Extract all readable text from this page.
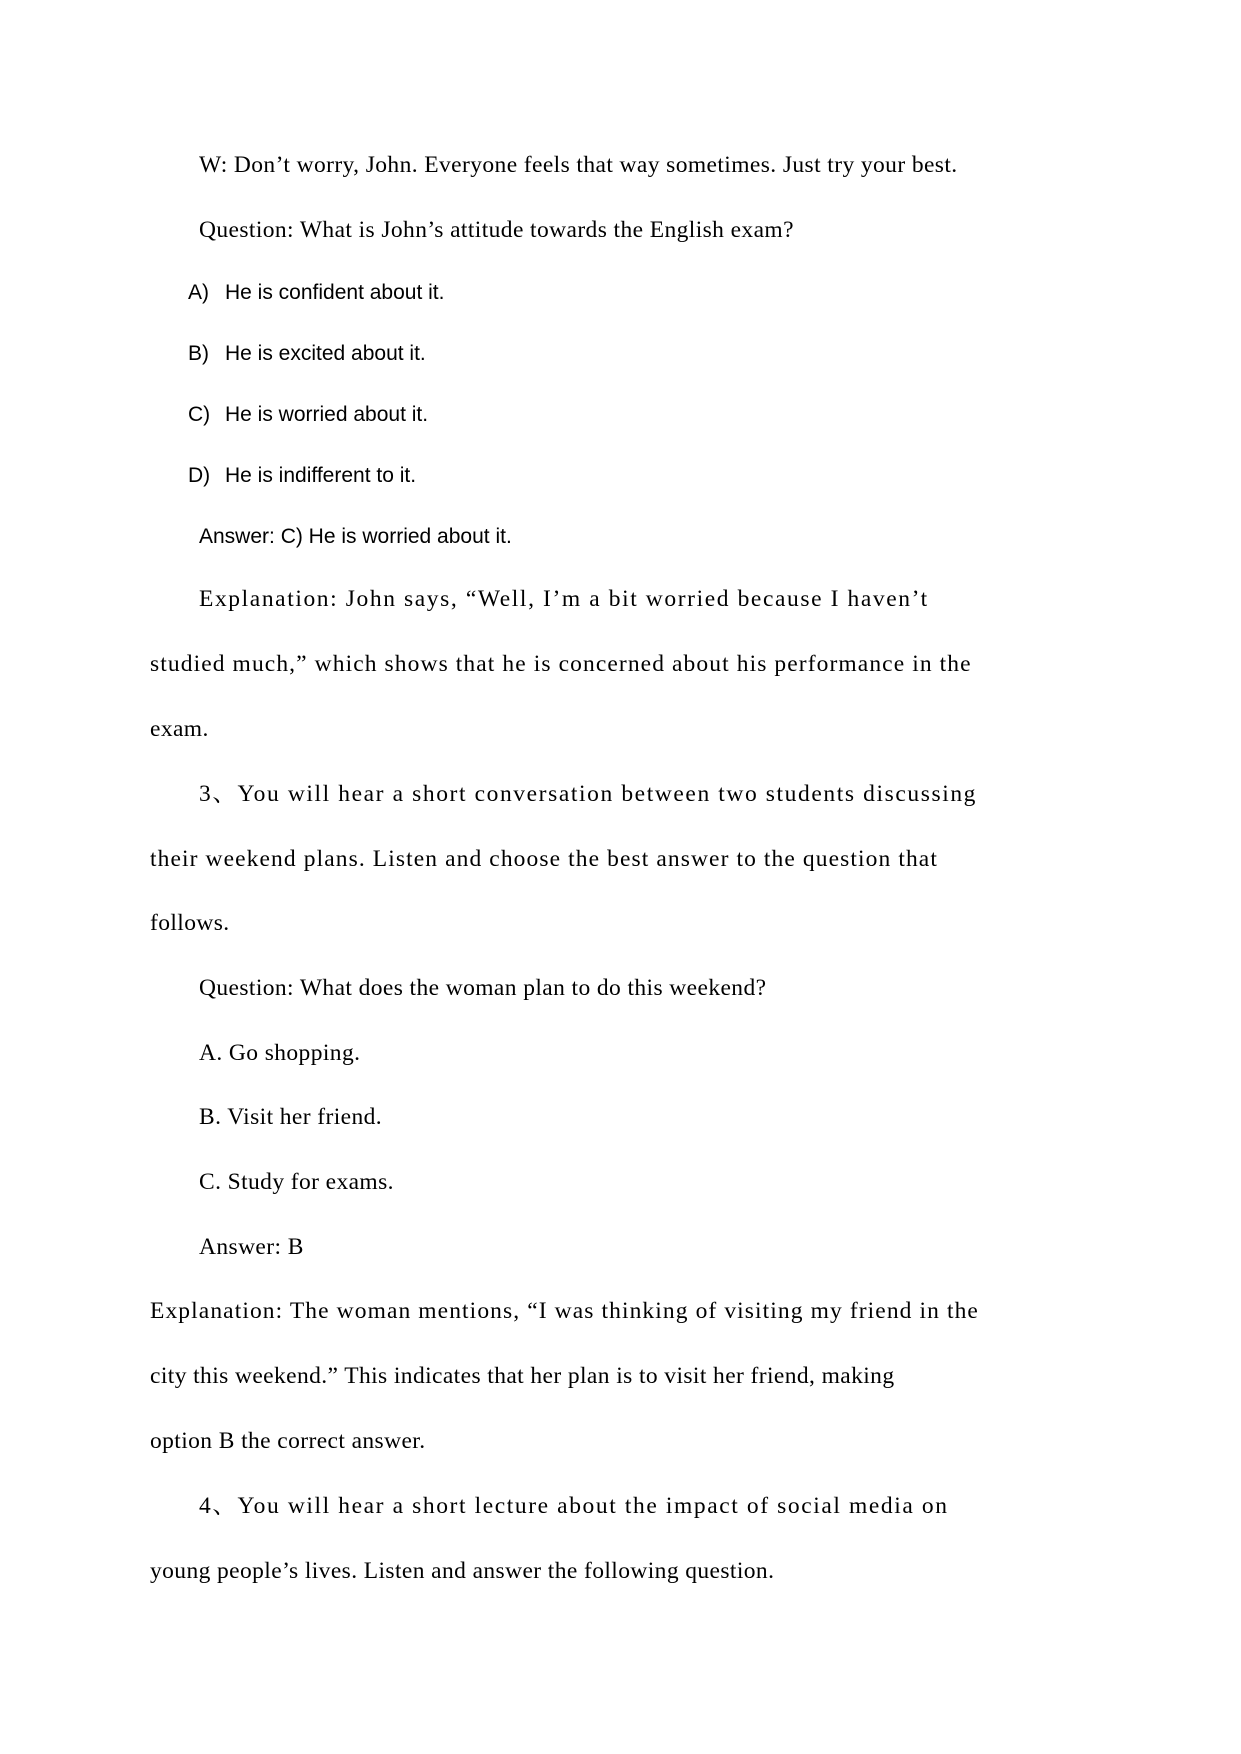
W: Don’t worry, John. Everyone feels that way sometimes. Just try your best.
Question: What is John’s attitude towards the English exam?
A) He is confident about it.
B) He is excited about it.
C) He is worried about it.
D) He is indifferent to it.
Answer: C) He is worried about it.
Explanation: John says, “Well, I’m a bit worried because I haven’t
studied much,” which shows that he is concerned about his performance in the
exam.
3、You will hear a short conversation between two students discussing
their weekend plans. Listen and choose the best answer to the question that
follows.
Question: What does the woman plan to do this weekend?
A. Go shopping.
B. Visit her friend.
C. Study for exams.
Answer: B
Explanation: The woman mentions, “I was thinking of visiting my friend in the
city this weekend.” This indicates that her plan is to visit her friend, making
option B the correct answer.
4、You will hear a short lecture about the impact of social media on
young people’s lives. Listen and answer the following question.
